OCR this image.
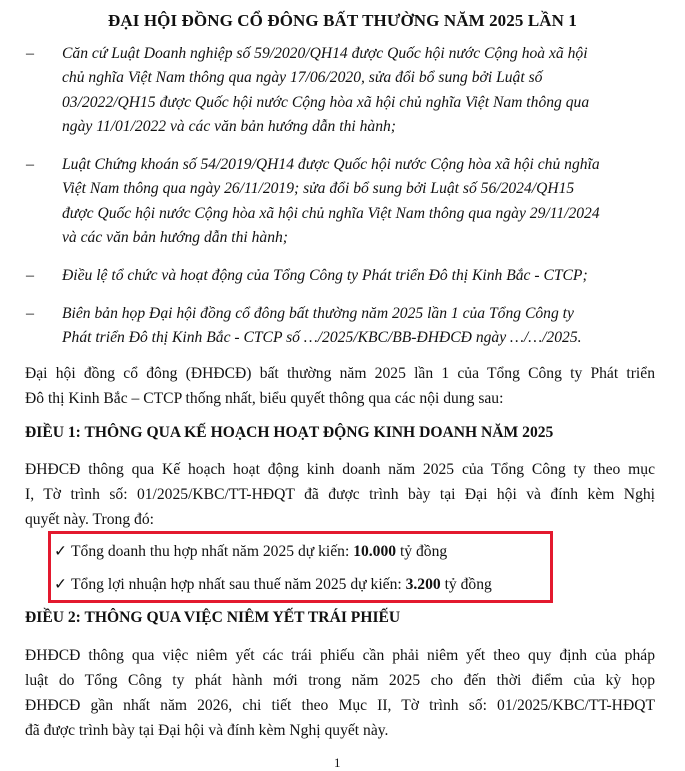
ĐẠI HỘI ĐỒNG CỔ ĐÔNG BẤT THƯỜNG NĂM 2025 LẦN 1
– Căn cứ Luật Doanh nghiệp số 59/2020/QH14 được Quốc hội nước Cộng hoà xã hội
chủ nghĩa Việt Nam thông qua ngày 17/06/2020, sửa đổi bổ sung bởi Luật số
03/2022/QH15 được Quốc hội nước Cộng hòa xã hội chủ nghĩa Việt Nam thông qua
ngày 11/01/2022 và các văn bản hướng dẫn thi hành;
– Luật Chứng khoán số 54/2019/QH14 được Quốc hội nước Cộng hòa xã hội chủ nghĩa
Việt Nam thông qua ngày 26/11/2019; sửa đổi bổ sung bởi Luật số 56/2024/QH15
được Quốc hội nước Cộng hòa xã hội chủ nghĩa Việt Nam thông qua ngày 29/11/2024
và các văn bản hướng dẫn thi hành;
– Điều lệ tổ chức và hoạt động của Tổng Công ty Phát triển Đô thị Kinh Bắc - CTCP;
– Biên bản họp Đại hội đồng cổ đông bất thường năm 2025 lần 1 của Tổng Công ty
Phát triển Đô thị Kinh Bắc - CTCP số …/2025/KBC/BB-ĐHĐCĐ ngày …/…/2025.
Đại hội đồng cổ đông (ĐHĐCĐ) bất thường năm 2025 lần 1 của Tổng Công ty Phát triển
Đô thị Kinh Bắc – CTCP thống nhất, biểu quyết thông qua các nội dung sau:
ĐIỀU 1: THÔNG QUA KẾ HOẠCH HOẠT ĐỘNG KINH DOANH NĂM 2025
ĐHĐCĐ thông qua Kế hoạch hoạt động kinh doanh năm 2025 của Tổng Công ty theo mục
I, Tờ trình số: 01/2025/KBC/TT-HĐQT đã được trình bày tại Đại hội và đính kèm Nghị
quyết này. Trong đó:
✓ Tổng doanh thu hợp nhất năm 2025 dự kiến: 10.000 tỷ đồng
✓ Tổng lợi nhuận hợp nhất sau thuế năm 2025 dự kiến: 3.200 tỷ đồng
ĐIỀU 2: THÔNG QUA VIỆC NIÊM YẾT TRÁI PHIẾU
ĐHĐCĐ thông qua việc niêm yết các trái phiếu cần phải niêm yết theo quy định của pháp
luật do Tổng Công ty phát hành mới trong năm 2025 cho đến thời điểm của kỳ họp
ĐHĐCĐ gần nhất năm 2026, chi tiết theo Mục II, Tờ trình số: 01/2025/KBC/TT-HĐQT
đã được trình bày tại Đại hội và đính kèm Nghị quyết này.
1
